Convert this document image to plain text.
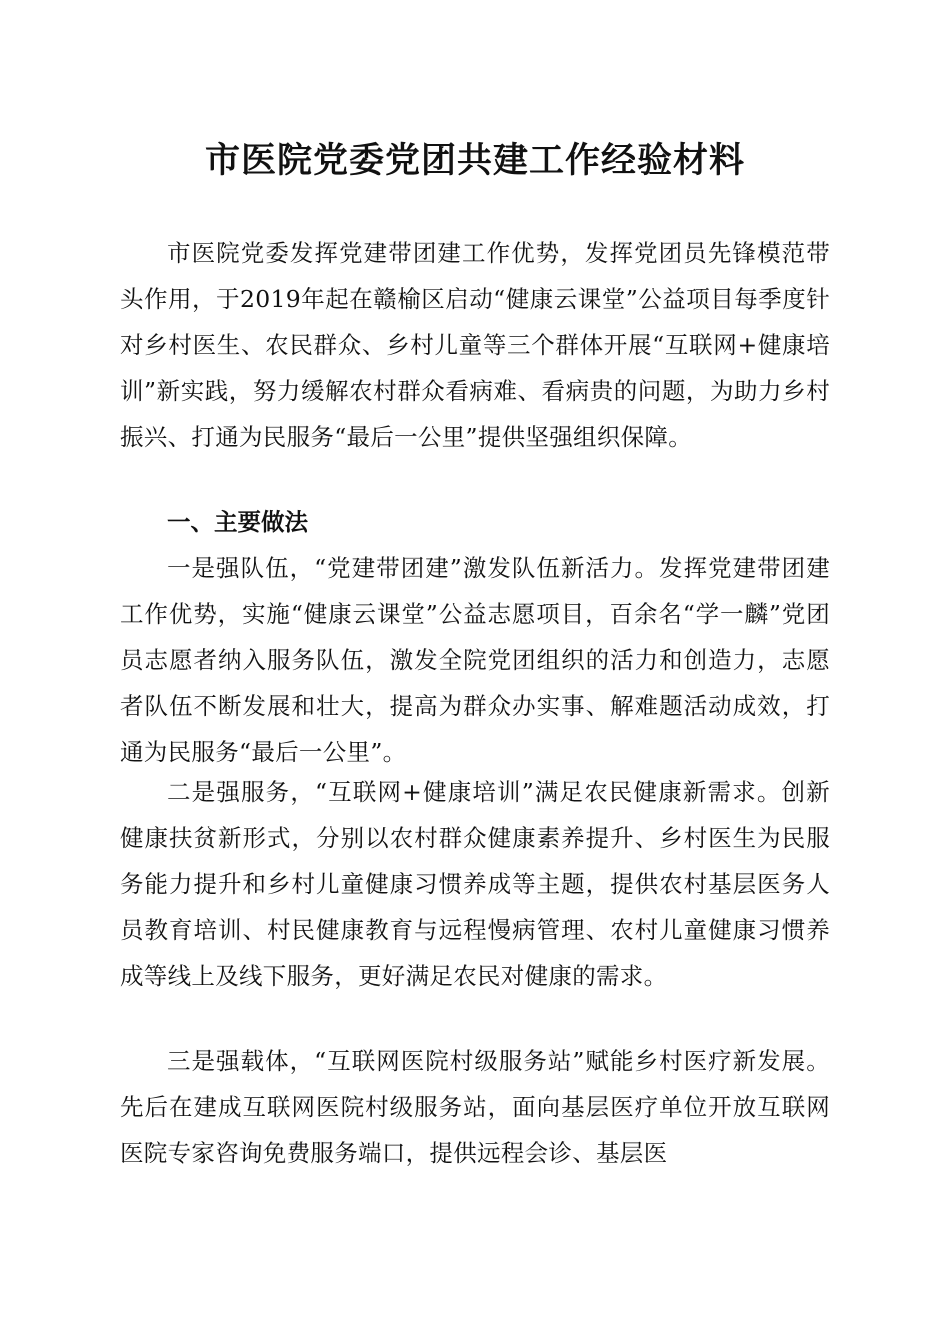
市医院党委党团共建工作经验材料

市医院党委发挥党建带团建工作优势，发挥党团员先锋模范带头作用，于2019年起在赣榆区启动“健康云课堂”公益项目每季度针对乡村医生、农民群众、乡村儿童等三个群体开展“互联网+健康培训”新实践，努力缓解农村群众看病难、看病贵的问题，为助力乡村振兴、打通为民服务“最后一公里”提供坚强组织保障。

一、主要做法

一是强队伍，“党建带团建”激发队伍新活力。发挥党建带团建工作优势，实施“健康云课堂”公益志愿项目，百余名“学一麟”党团员志愿者纳入服务队伍，激发全院党团组织的活力和创造力，志愿者队伍不断发展和壮大，提高为群众办实事、解难题活动成效，打通为民服务“最后一公里”。

二是强服务，“互联网+健康培训”满足农民健康新需求。创新健康扶贫新形式，分别以农村群众健康素养提升、乡村医生为民服务能力提升和乡村儿童健康习惯养成等主题，提供农村基层医务人员教育培训、村民健康教育与远程慢病管理、农村儿童健康习惯养成等线上及线下服务，更好满足农民对健康的需求。

三是强载体，“互联网医院村级服务站”赋能乡村医疗新发展。先后在建成互联网医院村级服务站，面向基层医疗单位开放互联网医院专家咨询免费服务端口，提供远程会诊、基层医
